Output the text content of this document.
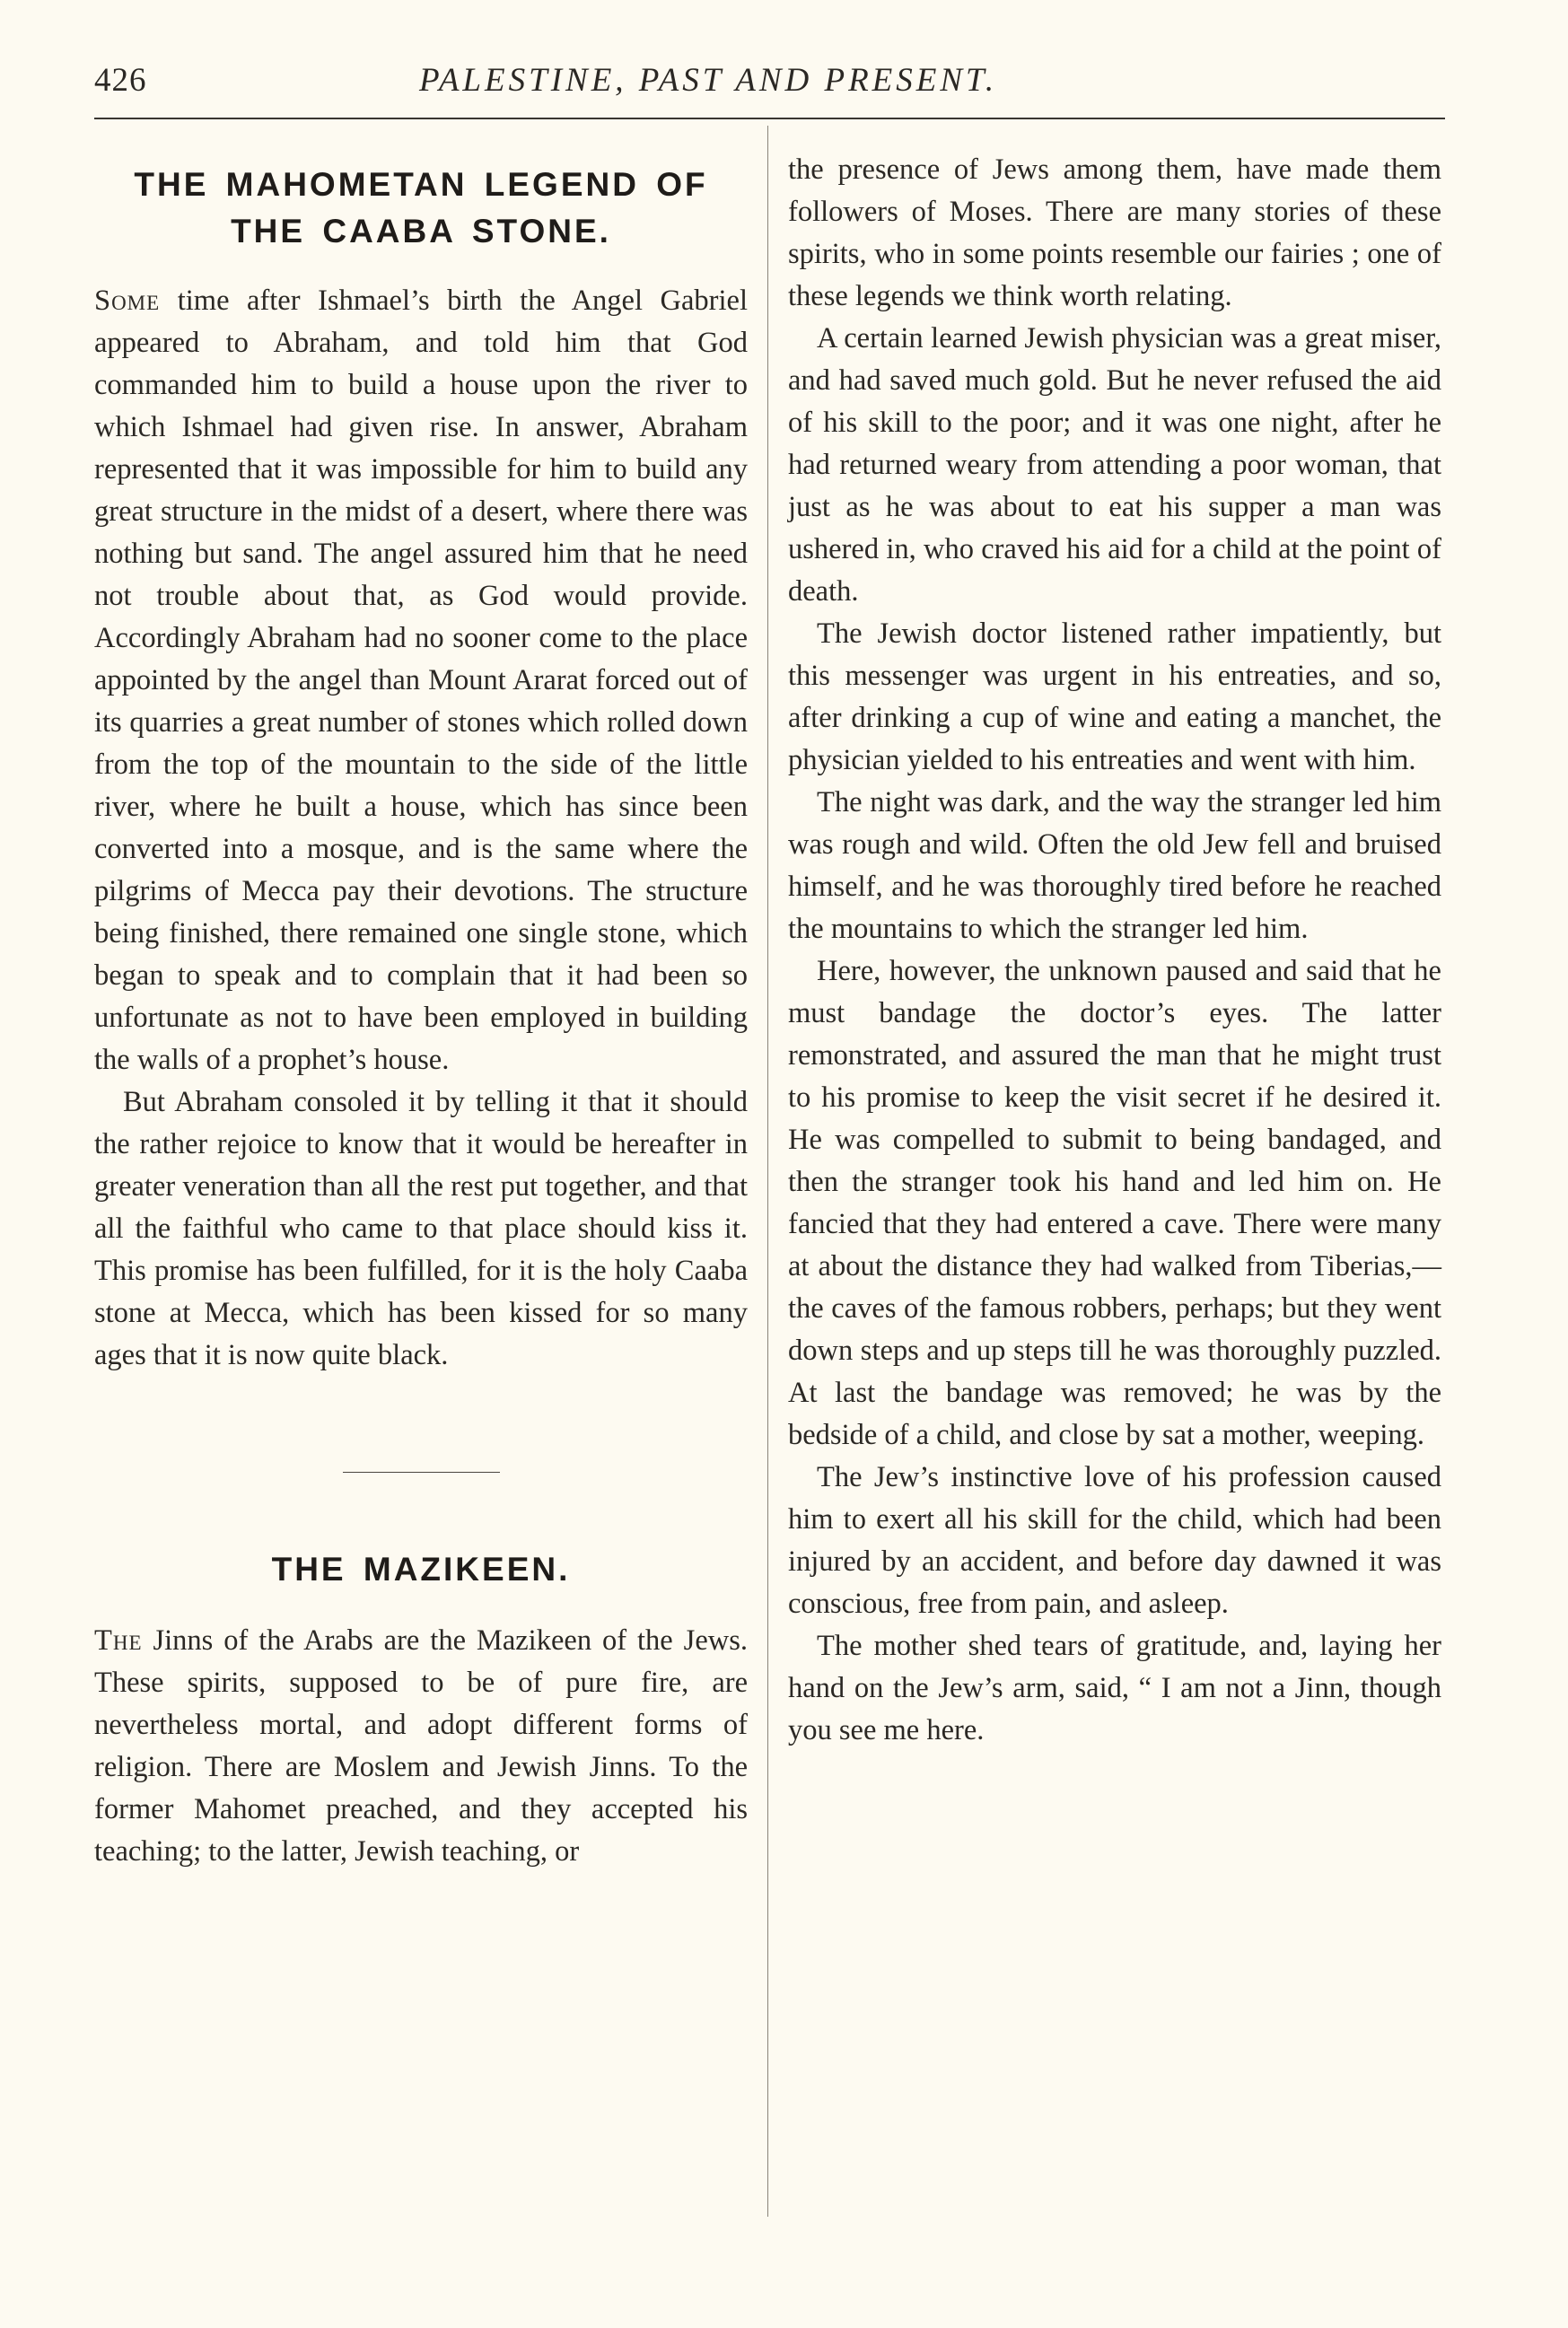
426	PALESTINE, PAST AND PRESENT.
THE MAHOMETAN LEGEND OF THE CAABA STONE.

Some time after Ishmael’s birth the Angel Gabriel appeared to Abraham, and told him that God commanded him to build a house upon the river to which Ishmael had given rise. In answer, Abraham represented that it was impossible for him to build any great structure in the midst of a desert, where there was nothing but sand. The angel assured him that he need not trouble about that, as God would provide. Accordingly Abraham had no sooner come to the place appointed by the angel than Mount Ararat forced out of its quarries a great number of stones which rolled down from the top of the mountain to the side of the little river, where he built a house, which has since been converted into a mosque, and is the same where the pilgrims of Mecca pay their devotions. The structure being finished, there remained one single stone, which began to speak and to complain that it had been so unfortunate as not to have been employed in building the walls of a prophet’s house.

But Abraham consoled it by telling it that it should the rather rejoice to know that it would be hereafter in greater veneration than all the rest put together, and that all the faithful who came to that place should kiss it. This promise has been fulfilled, for it is the holy Caaba stone at Mecca, which has been kissed for so many ages that it is now quite black.

THE MAZIKEEN.

The Jinns of the Arabs are the Mazikeen of the Jews. These spirits, supposed to be of pure fire, are nevertheless mortal, and adopt different forms of religion. There are Moslem and Jewish Jinns. To the former Mahomet preached, and they accepted his teaching; to the latter, Jewish teaching, or

the presence of Jews among them, have made them followers of Moses. There are many stories of these spirits, who in some points resemble our fairies ; one of these legends we think worth relating.

A certain learned Jewish physician was a great miser, and had saved much gold. But he never refused the aid of his skill to the poor; and it was one night, after he had returned weary from attending a poor woman, that just as he was about to eat his supper a man was ushered in, who craved his aid for a child at the point of death.

The Jewish doctor listened rather impatiently, but this messenger was urgent in his entreaties, and so, after drinking a cup of wine and eating a manchet, the physician yielded to his entreaties and went with him.

The night was dark, and the way the stranger led him was rough and wild. Often the old Jew fell and bruised himself, and he was thoroughly tired before he reached the mountains to which the stranger led him.

Here, however, the unknown paused and said that he must bandage the doctor’s eyes. The latter remonstrated, and assured the man that he might trust to his promise to keep the visit secret if he desired it. He was compelled to submit to being bandaged, and then the stranger took his hand and led him on. He fancied that they had entered a cave. There were many at about the distance they had walked from Tiberias,—the caves of the famous robbers, perhaps; but they went down steps and up steps till he was thoroughly puzzled. At last the bandage was removed; he was by the bedside of a child, and close by sat a mother, weeping.

The Jew’s instinctive love of his profession caused him to exert all his skill for the child, which had been injured by an accident, and before day dawned it was conscious, free from pain, and asleep.

The mother shed tears of gratitude, and, laying her hand on the Jew’s arm, said, “ I am not a Jinn, though you see me here.
